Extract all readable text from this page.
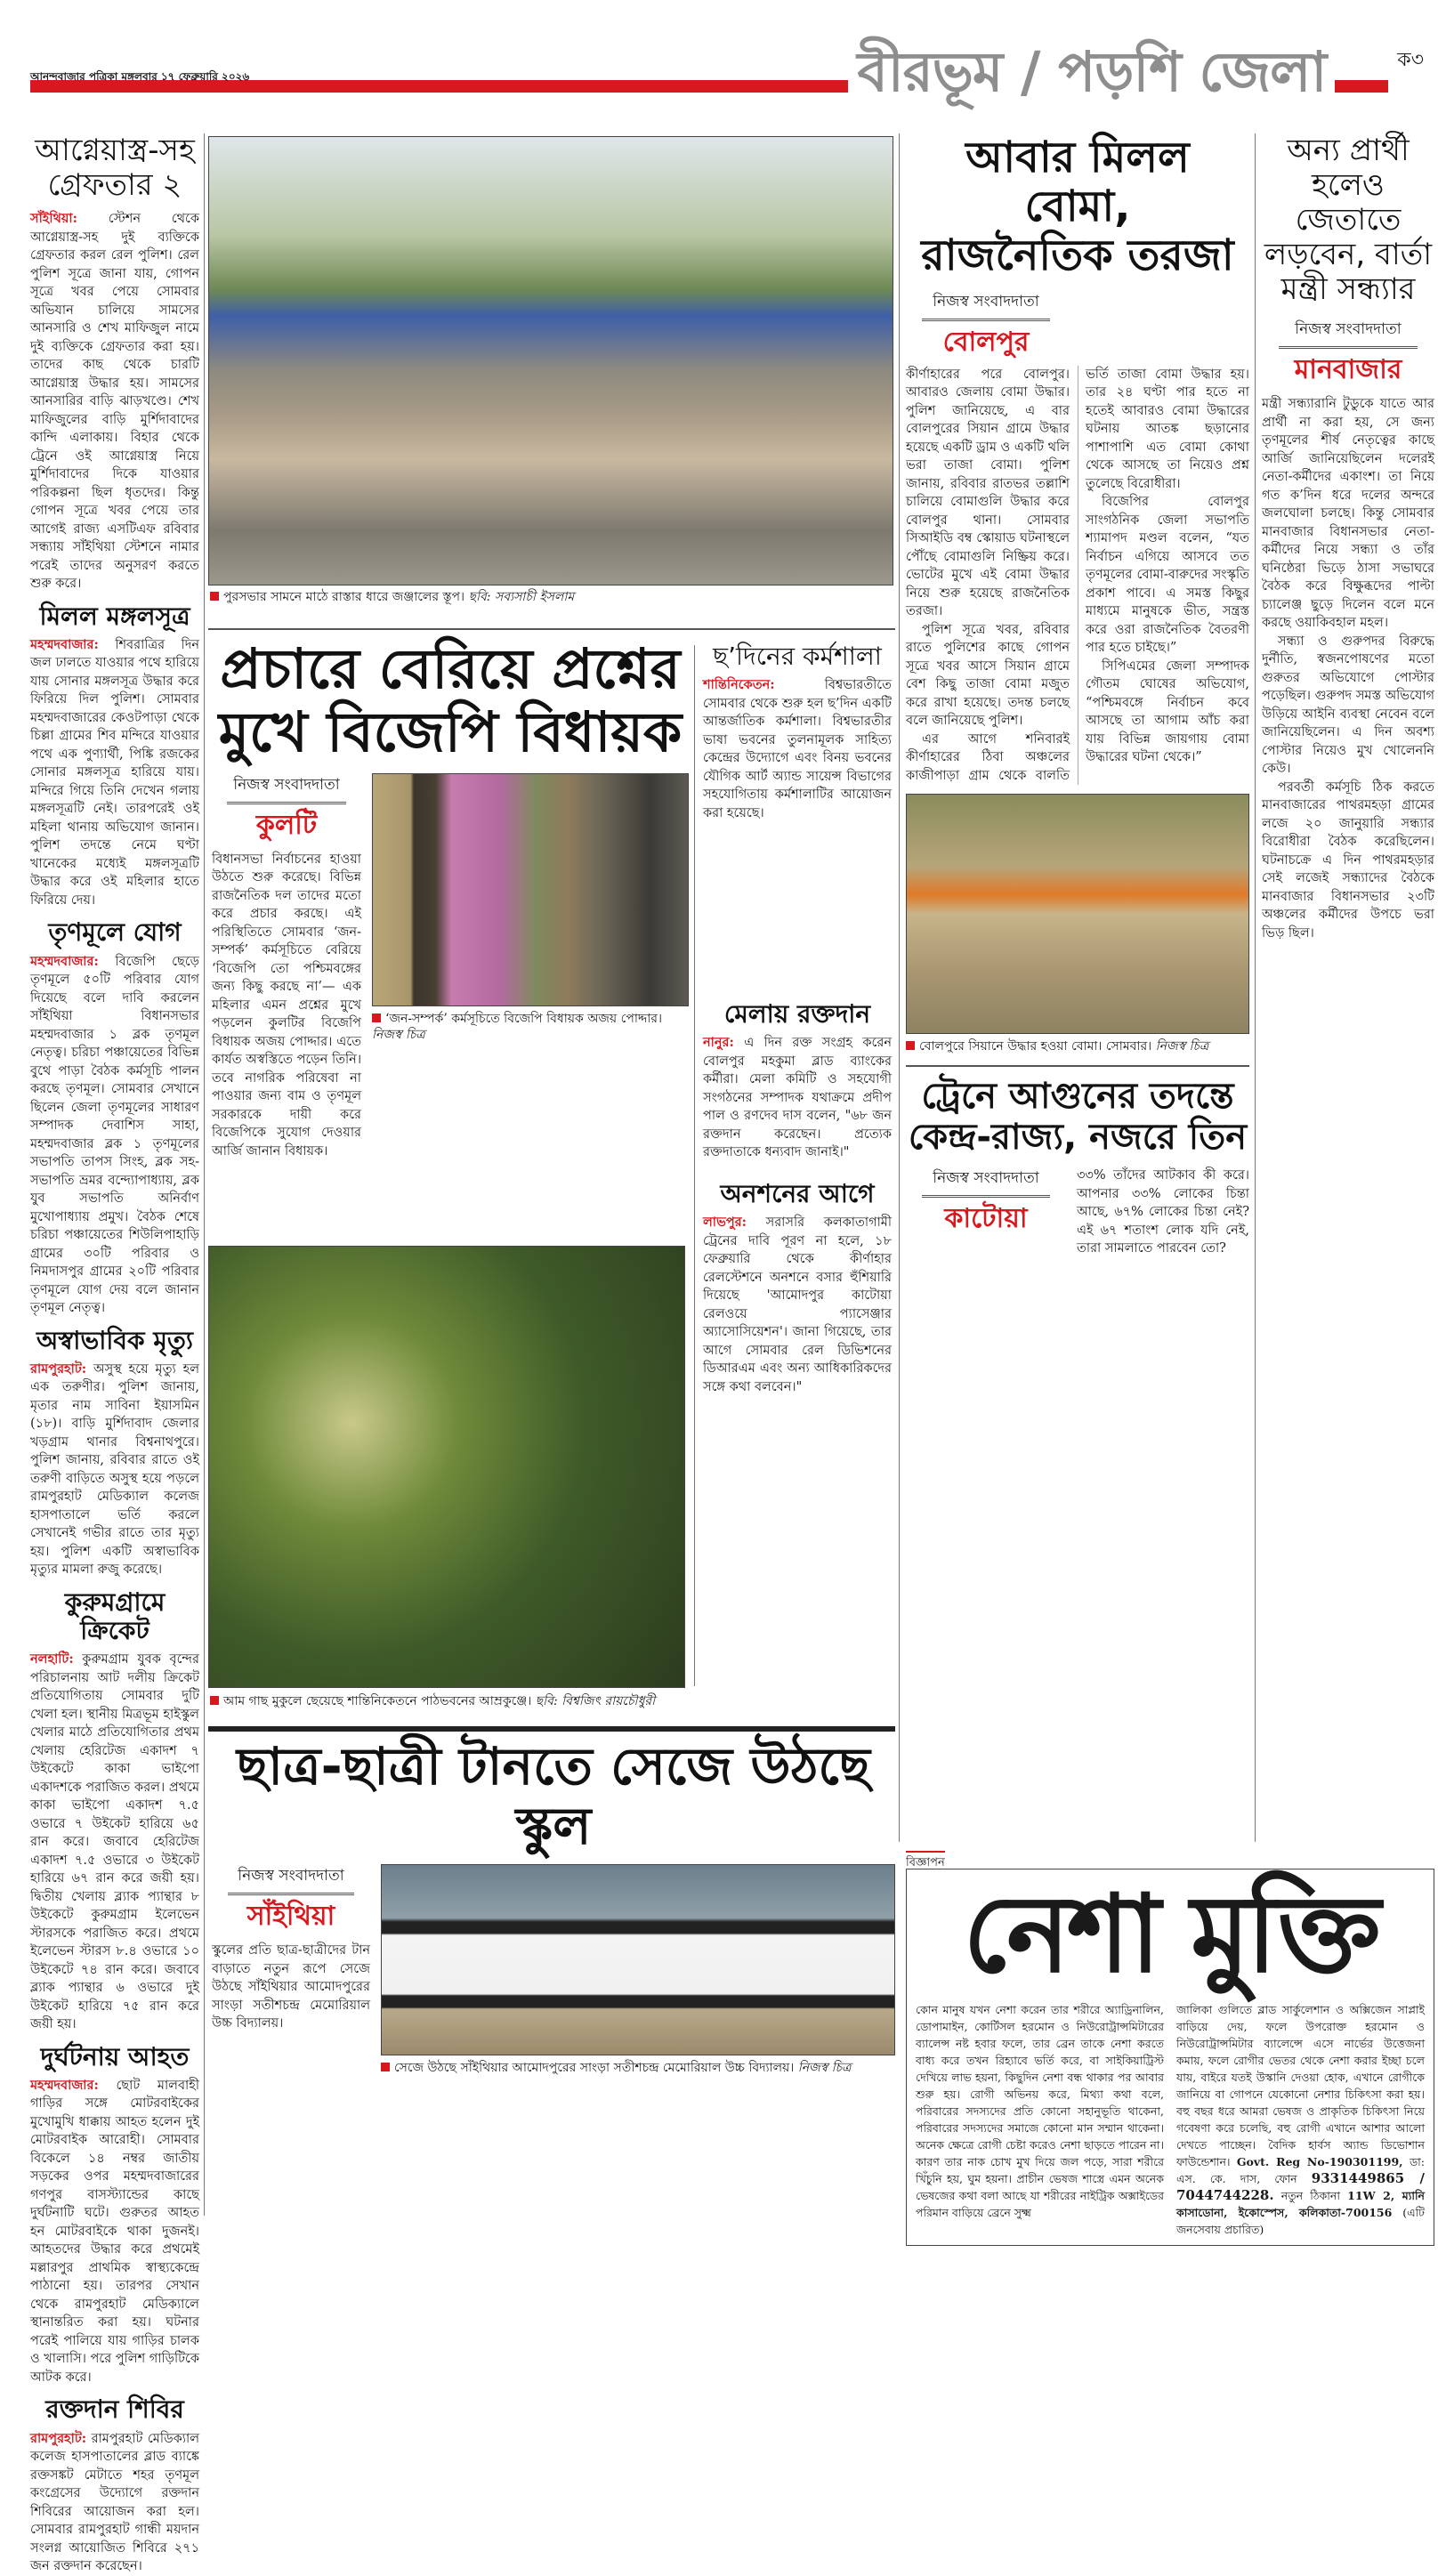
আনন্দবাজার পত্রিকা মঙ্গলবার ১৭ ফেব্রুয়ারি ২০২৬	বীরভূম / পড়শি জেলা	ক৩
আগ্নেয়াস্ত্র-সহ গ্রেফতার ২

সাঁইথিয়া: স্টেশন থেকে আগ্নেয়াস্ত্র-সহ দুই ব্যক্তিকে গ্রেফতার করল রেল পুলিশ। রেল পুলিশ সূত্রে জানা যায়, গোপন সূত্রে খবর পেয়ে সোমবার অভিযান চালিয়ে সামসের আনসারি ও শেখ মাফিজুল নামে দুই ব্যক্তিকে গ্রেফতার করা হয়। তাদের কাছ থেকে চারটি আগ্নেয়াস্ত্র উদ্ধার হয়। সামসের আনসারির বাড়ি ঝাড়খণ্ডে। শেখ মাফিজুলের বাড়ি মুর্শিদাবাদের কান্দি এলাকায়। বিহার থেকে ট্রেনে ওই আগ্নেয়াস্ত্র নিয়ে মুর্শিদাবাদের দিকে যাওয়ার পরিকল্পনা ছিল ধৃতদের। কিন্তু গোপন সূত্রে খবর পেয়ে তার আগেই রাজ্য এসটিএফ রবিবার সন্ধ্যায় সাঁইথিয়া স্টেশনে নামার পরেই তাদের অনুসরণ করতে শুরু করে।

মিলল মঙ্গলসূত্র

মহম্মদবাজার: শিবরাত্রির দিন জল ঢালতে যাওয়ার পথে হারিয়ে যায় সোনার মঙ্গলসূত্র উদ্ধার করে ফিরিয়ে দিল পুলিশ। সোমবার মহম্মদবাজারের কেওটপাড়া থেকে চিল্লা গ্রামের শিব মন্দিরে যাওয়ার পথে এক পুণ্যার্থী, পিঙ্কি রজকের সোনার মঙ্গলসূত্র হারিয়ে যায়। মন্দিরে গিয়ে তিনি দেখেন গলায় মঙ্গলসূত্রটি নেই। তারপরেই ওই মহিলা থানায় অভিযোগ জানান। পুলিশ তদন্তে নেমে ঘণ্টা খানেকের মধ্যেই মঙ্গলসূত্রটি উদ্ধার করে ওই মহিলার হাতে ফিরিয়ে দেয়।

তৃণমূলে যোগ

মহম্মদবাজার: বিজেপি ছেড়ে তৃণমূলে ৫০টি পরিবার যোগ দিয়েছে বলে দাবি করলেন সাঁইথিয়া বিধানসভার মহম্মদবাজার ১ ব্লক তৃণমূল নেতৃত্ব। চরিচা পঞ্চায়েতের বিভিন্ন বুথে পাড়া বৈঠক কর্মসূচি পালন করছে তৃণমূল। সোমবার সেখানে ছিলেন জেলা তৃণমূলের সাধারণ সম্পাদক দেবাশিস সাহা, মহম্মদবাজার ব্লক ১ তৃণমূলের সভাপতি তাপস সিংহ, ব্লক সহ-সভাপতি ভ্রমর বন্দ্যোপাধ্যায়, ব্লক যুব সভাপতি অনির্বাণ মুখোপাধ্যায় প্রমুখ। বৈঠক শেষে চরিচা পঞ্চায়েতের শিউলিপাহাড়ি গ্রামের ৩০টি পরিবার ও নিমদাসপুর গ্রামের ২০টি পরিবার তৃণমূলে যোগ দেয় বলে জানান তৃণমূল নেতৃত্ব।

অস্বাভাবিক মৃত্যু

রামপুরহাট: অসুস্থ হয়ে মৃত্যু হল এক তরুণীর। পুলিশ জানায়, মৃতার নাম সাবিনা ইয়াসমিন (১৮)। বাড়ি মুর্শিদাবাদ জেলার খড়গ্রাম থানার বিশ্বনাথপুরে। পুলিশ জানায়, রবিবার রাতে ওই তরুণী বাড়িতে অসুস্থ হয়ে পড়লে রামপুরহাট মেডিক্যাল কলেজ হাসপাতালে ভর্তি করলে সেখানেই গভীর রাতে তার মৃত্যু হয়। পুলিশ একটি অস্বাভাবিক মৃত্যুর মামলা রুজু করেছে।

কুরুমগ্রামে ক্রিকেট

নলহাটি: কুরুমগ্রাম যুবক বৃন্দের পরিচালনায় আট দলীয় ক্রিকেট প্রতিযোগিতায় সোমবার দুটি খেলা হল। স্থানীয় মিত্রভূম হাইস্কুল খেলার মাঠে প্রতিযোগিতার প্রথম খেলায় হেরিটেজ একাদশ ৭ উইকেটে কাকা ভাইপো একাদশকে পরাজিত করল। প্রথমে কাকা ভাইপো একাদশ ৭.৫ ওভারে ৭ উইকেট হারিয়ে ৬৫ রান করে। জবাবে হেরিটেজ একাদশ ৭.৫ ওভারে ৩ উইকেট হারিয়ে ৬৭ রান করে জয়ী হয়। দ্বিতীয় খেলায় ব্ল্যাক প্যান্থার ৮ উইকেটে কুরুমগ্রাম ইলেভেন স্টারসকে পরাজিত করে। প্রথমে ইলেভেন স্টারস ৮.৪ ওভারে ১০ উইকেটে ৭৪ রান করে। জবাবে ব্ল্যাক প্যান্থার ৬ ওভারে দুই উইকেট হারিয়ে ৭৫ রান করে জয়ী হয়।

দুর্ঘটনায় আহত

মহম্মদবাজার: ছোট মালবাহী গাড়ির সঙ্গে মোটরবাইকের মুখোমুখি ধাক্কায় আহত হলেন দুই মোটরবাইক আরোহী। সোমবার বিকেলে ১৪ নম্বর জাতীয় সড়কের ওপর মহম্মদবাজারের গণপুর বাসস্ট্যান্ডের কাছে দুর্ঘটনাটি ঘটে। গুরুতর আহত হন মোটরবাইকে থাকা দুজনই। আহতদের উদ্ধার করে প্রথমেই মল্লারপুর প্রাথমিক স্বাস্থ্যকেন্দ্রে পাঠানো হয়। তারপর সেখান থেকে রামপুরহাট মেডিক্যালে স্থানান্তরিত করা হয়। ঘটনার পরেই পালিয়ে যায় গাড়ির চালক ও খালাসি। পরে পুলিশ গাড়িটিকে আটক করে।

রক্তদান শিবির

রামপুরহাট: রামপুরহাট মেডিক্যাল কলেজ হাসপাতালের ব্লাড ব্যাঙ্কে রক্তসঙ্কট মেটাতে শহর তৃণমূল কংগ্রেসের উদ্যোগে রক্তদান শিবিরের আয়োজন করা হল। সোমবার রামপুরহাট গান্ধী ময়দান সংলগ্ন আয়োজিত শিবিরে ২৭১ জন রক্তদান করেছেন।

পুরসভার সামনে মাঠে রাস্তার ধারে জঞ্জালের স্তূপ। ছবি: সব্যসাচী ইসলাম
প্রচারে বেরিয়ে প্রশ্নের
মুখে বিজেপি বিধায়ক
নিজস্ব সংবাদদাতা
কুলটি
বিধানসভা নির্বাচনের হাওয়া উঠতে শুরু করেছে। বিভিন্ন রাজনৈতিক দল তাদের মতো করে প্রচার করছে। এই পরিস্থিতিতে সোমবার ‘জন-সম্পর্ক’ কর্মসূচিতে বেরিয়ে ‘বিজেপি তো পশ্চিমবঙ্গের জন্য কিছু করছে না’— এক মহিলার এমন প্রশ্নের মুখে পড়লেন কুলটির বিজেপি বিধায়ক অজয় পোদ্দার। এতে কার্যত অস্বস্তিতে পড়েন তিনি। তবে নাগরিক পরিষেবা না পাওয়ার জন্য বাম ও তৃণমূল সরকারকে দায়ী করে বিজেপিকে সুযোগ দেওয়ার আর্জি জানান বিধায়ক।
‘জন-সম্পর্ক’ কর্মসূচিতে বিজেপি বিধায়ক অজয় পোদ্দার। নিজস্ব চিত্র
ছ’দিনের কর্মশালা

শান্তিনিকেতন:	বিশ্বভারতীতে সোমবার থেকে শুরু হল ছ’দিন একটি আন্তর্জাতিক কর্মশালা। বিশ্বভারতীর ভাষা ভবনের তুলনামূলক সাহিত্য কেন্দ্রের উদ্যোগে এবং বিনয় ভবনের যৌগিক আর্ট অ্যান্ড সায়েন্স বিভাগের সহযোগিতায় কর্মশালাটির আয়োজন করা হয়েছে।

মেলায় রক্তদান

নানুর: এ দিন রক্ত সংগ্রহ করেন বোলপুর মহকুমা ব্লাড ব্যাংকের কর্মীরা। মেলা কমিটি ও সহযোগী সংগঠনের সম্পাদক যথাক্রমে প্রদীপ পাল ও রণদেব দাস বলেন, "৬৮ জন রক্তদান করেছেন। প্রত্যেক রক্তদাতাকে ধন্যবাদ জানাই।"

অনশনের আগে

লাভপুর: সরাসরি কলকাতাগামী ট্রেনের দাবি পূরণ না হলে, ১৮ ফেব্রুয়ারি থেকে কীর্ণাহার রেলস্টেশনে অনশনে বসার হুঁশিয়ারি দিয়েছে 'আমোদপুর কাটোয়া রেলওয়ে প্যাসেঞ্জার অ্যাসোসিয়েশন'। জানা গিয়েছে, তার আগে সোমবার রেল ডিভিশনের ডিআরএম এবং অন্য আধিকারিকদের সঙ্গে কথা বলবেন।"

আম গাছ মুকুলে ছেয়েছে শান্তিনিকেতনে পাঠভবনের আম্রকুঞ্জে। ছবি: বিশ্বজিৎ রায়চৌধুরী
ছাত্র-ছাত্রী টানতে সেজে উঠছে স্কুল
নিজস্ব সংবাদদাতা
সাঁইথিয়া
স্কুলের প্রতি ছাত্র-ছাত্রীদের টান বাড়াতে নতুন রূপে সেজে উঠছে সাঁইথিয়ার আমোদপুরের সাংড়া সতীশচন্দ্র মেমোরিয়াল উচ্চ বিদ্যালয়।
সেজে উঠছে সাঁইথিয়ার আমোদপুরের সাংড়া সতীশচন্দ্র মেমোরিয়াল উচ্চ বিদ্যালয়। নিজস্ব চিত্র
আবার মিলল বোমা,
রাজনৈতিক তরজা
নিজস্ব সংবাদদাতা
বোলপুর

কীর্ণাহারের পরে বোলপুর। আবারও জেলায় বোমা উদ্ধার। পুলিশ জানিয়েছে, এ বার বোলপুরের সিয়ান গ্রামে উদ্ধার হয়েছে একটি ড্রাম ও একটি থলি ভরা তাজা বোমা। পুলিশ জানায়, রবিবার রাতভর তল্লাশি চালিয়ে বোমাগুলি উদ্ধার করে বোলপুর থানা। সোমবার সিআইডি বম্ব স্কোয়াড ঘটনাস্থলে পৌঁছে বোমাগুলি নিষ্ক্রিয় করে। ভোটের মুখে এই বোমা উদ্ধার নিয়ে শুরু হয়েছে রাজনৈতিক তরজা।

পুলিশ সূত্রে খবর, রবিবার রাতে পুলিশের কাছে গোপন সূত্রে খবর আসে সিয়ান গ্রামে বেশ কিছু তাজা বোমা মজুত করে রাখা হয়েছে। তদন্ত চলছে বলে জানিয়েছে পুলিশ।

এর আগে শনিবারই কীর্ণাহারের ঠিবা অঞ্চলের কাজীপাড়া গ্রাম থেকে বালতি ভর্তি তাজা বোমা উদ্ধার হয়। তার ২৪ ঘণ্টা পার হতে না হতেই আবারও বোমা উদ্ধারের ঘটনায় আতঙ্ক ছড়ানোর পাশাপাশি এত বোমা কোথা থেকে আসছে তা নিয়েও প্রশ্ন তুলেছে বিরোধীরা।

বিজেপির বোলপুর সাংগঠনিক জেলা সভাপতি শ্যামাপদ মণ্ডল বলেন, “যত নির্বাচন এগিয়ে আসবে তত তৃণমূলের বোমা-বারুদের সংস্কৃতি প্রকাশ পাবে। এ সমস্ত কিছুর মাধ্যমে মানুষকে ভীত, সন্ত্রস্ত করে ওরা রাজনৈতিক বৈতরণী পার হতে চাইছে।”

সিপিএমের জেলা সম্পাদক গৌতম ঘোষের অভিযোগ, “পশ্চিমবঙ্গে নির্বাচন কবে আসছে তা আগাম আঁচ করা যায় বিভিন্ন জায়গায় বোমা উদ্ধারের ঘটনা থেকে।”

বোলপুরে সিয়ানে উদ্ধার হওয়া বোমা। সোমবার। নিজস্ব চিত্র
ট্রেনে আগুনের তদন্তে
কেন্দ্র-রাজ্য, নজরে তিন
নিজস্ব সংবাদদাতা
কাটোয়া
৩৩% তাঁদের আটকাব কী করে। আপনার ৩৩% লোকের চিন্তা আছে, ৬৭% লোকের চিন্তা নেই? এই ৬৭ শতাংশ লোক যদি নেই, তারা সামলাতে পারবেন তো?
অন্য প্রার্থী হলেও জেতাতে লড়বেন, বার্তা মন্ত্রী সন্ধ্যার
নিজস্ব সংবাদদাতা
মানবাজার

মন্ত্রী সন্ধ্যারানি টুডুকে যাতে আর প্রার্থী না করা হয়, সে জন্য তৃণমূলের শীর্ষ নেতৃত্বের কাছে আর্জি জানিয়েছিলেন দলেরই নেতা-কর্মীদের একাংশ। তা নিয়ে গত ক’দিন ধরে দলের অন্দরে জলঘোলা চলছে। কিন্তু সোমবার মানবাজার বিধানসভার নেতা-কর্মীদের নিয়ে সন্ধ্যা ও তাঁর ঘনিষ্ঠেরা ভিড়ে ঠাসা সভাঘরে বৈঠক করে বিক্ষুব্ধদের পাল্টা চ্যালেঞ্জ ছুড়ে দিলেন বলে মনে করছে ওয়াকিবহাল মহল।

সন্ধ্যা ও গুরুপদর বিরুদ্ধে দুর্নীতি, স্বজনপোষণের মতো গুরুতর অভিযোগে পোস্টার পড়েছিল। গুরুপদ সমস্ত অভিযোগ উড়িয়ে আইনি ব্যবস্থা নেবেন বলে জানিয়েছিলেন। এ দিন অবশ্য পোস্টার নিয়েও মুখ খোলেননি কেউ।

পরবর্তী কর্মসূচি ঠিক করতে মানবাজারের পাথরমহড়া গ্রামের লজে ২০ জানুয়ারি সন্ধ্যার বিরোধীরা বৈঠক করেছিলেন। ঘটনাচক্রে এ দিন পাথরমহড়ার সেই লজেই সন্ধ্যাদের বৈঠকে মানবাজার বিধানসভার ২৩টি অঞ্চলের কর্মীদের উপচে ভরা ভিড় ছিল।

বিজ্ঞাপন
নেশা মুক্তি
কোন মানুষ যখন নেশা করেন তার শরীরে অ্যাড্রিনালিন, ডোপামাইন, কোর্টিসল হরমোন ও নিউরোট্রান্সমিটারের ব্যালেন্স নষ্ট হবার ফলে, তার ব্রেন তাকে নেশা করতে বাধ্য করে তখন রিহ্যাবে ভর্তি করে, বা সাইকিয়াট্রিস্ট দেখিয়ে লাভ হয়না, কিছুদিন নেশা বন্ধ থাকার পর আবার শুরু হয়। রোগী অভিনয় করে, মিথ্যা কথা বলে, পরিবারের সদস্যদের প্রতি কোনো সহানুভূতি থাকেনা, পরিবারের সদস্যদের সমাজে কোনো মান সম্মান থাকেনা। অনেক ক্ষেত্রে রোগী চেষ্টা করেও নেশা ছাড়তে পারেন না। কারণ তার নাক চোখ মুখ দিয়ে জল পড়ে, সারা শরীরে খিঁচুনি হয়, ঘুম হয়না। প্রাচীন ভেষজ শাস্ত্রে এমন অনেক ভেষজের কথা বলা আছে যা শরীরের নাইট্রিক অক্সাইডের পরিমান বাড়িয়ে ব্রেনে সুক্ষ্ম
জালিকা গুলিতে ব্লাড সার্কুলেশান ও অক্সিজেন সাপ্লাই বাড়িয়ে দেয়, ফলে উপরোক্ত হরমোন ও নিউরোট্রান্সমিটার ব্যালেন্সে এসে নার্ভের উত্তেজনা কমায়, ফলে রোগীর ভেতর থেকে নেশা করার ইচ্ছা চলে যায়, বাইরে যতই উস্কানি দেওয়া হোক, এখানে রোগীকে জানিয়ে বা গোপনে যেকোনো নেশার চিকিৎসা করা হয়। বহু বছর ধরে আমরা ভেষজ ও প্রাকৃতিক চিকিৎসা নিয়ে গবেষণা করে চলেছি, বহু রোগী এখানে আশার আলো দেখতে পাচ্ছেন। বৈদিক হার্বস অ্যান্ড ডিভোশান ফাউন্ডেশান। Govt. Reg No-190301199, ডা: এস. কে. দাস, ফোন 9331449865 / 7044744228. নতুন ঠিকানা 11W 2, ম্যানি কাসাডোনা, ইকোস্পেস, কলিকাতা-700156 (এটি জনসেবায় প্রচারিত)
